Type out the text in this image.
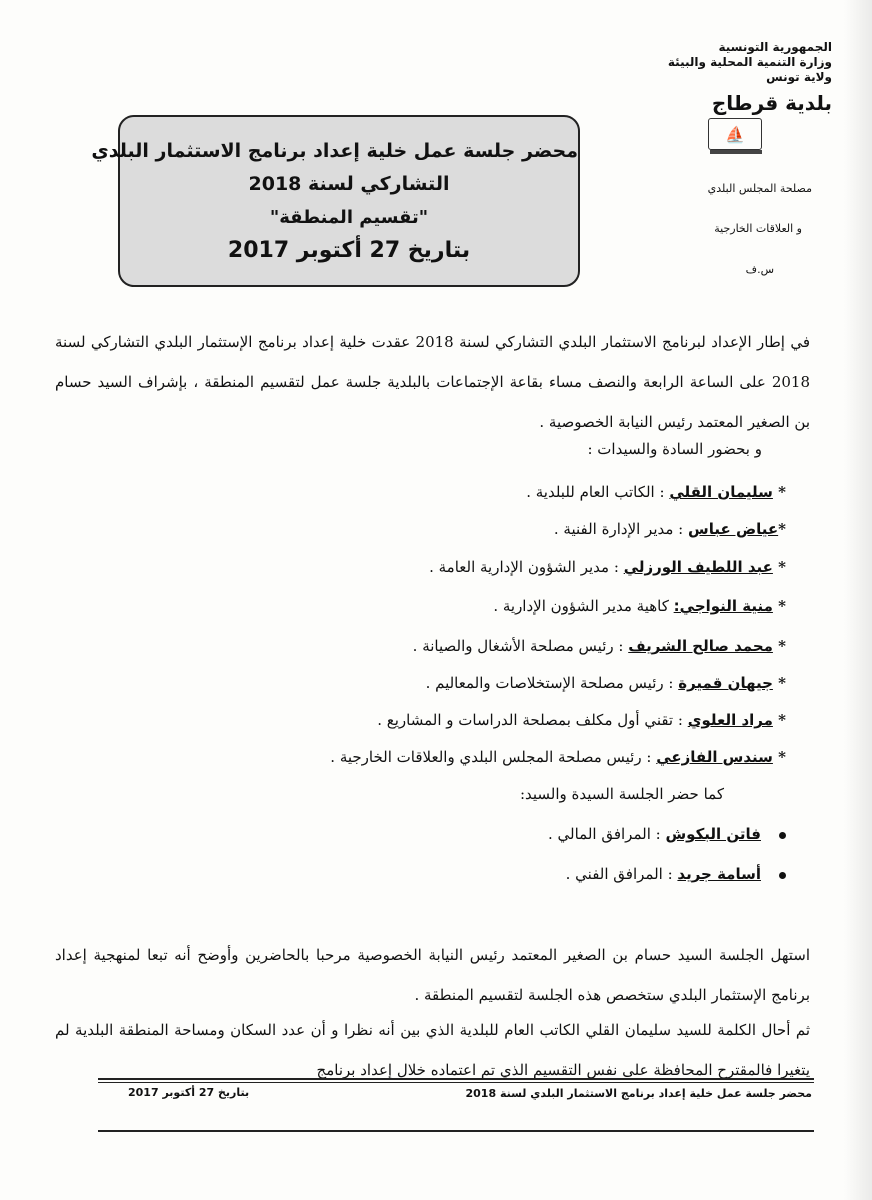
الجمهورية التونسية
وزارة التنمية المحلية والبيئة
ولاية تونس
بلدية قرطاج
⛵
مصلحة المجلس البلدي
و العلاقات الخارجية
س.ف
محضر جلسة عمل خلية إعداد برنامج الاستثمار البلدي
التشاركي لسنة 2018
"تقسيم المنطقة"
بتاريخ 27 أكتوبر 2017
في إطار الإعداد لبرنامج الاستثمار البلدي التشاركي لسنة 2018 عقدت خلية إعداد برنامج الإستثمار البلدي التشاركي لسنة 2018 على الساعة الرابعة والنصف مساء بقاعة الإجتماعات بالبلدية جلسة عمل لتقسيم المنطقة ، بإشراف السيد حسام بن الصغير المعتمد رئيس النيابة الخصوصية .
و بحضور السادة والسيدات :
* سليمان القلي : الكاتب العام للبلدية .
*عياض عباس : مدير الإدارة الفنية .
* عبد اللطيف الورزلي : مدير الشؤون الإدارية العامة .
* منية النواجي: كاهية مدير الشؤون الإدارية .
* محمد صالح الشريف : رئيس مصلحة الأشغال والصيانة .
* جيهان قميرة : رئيس مصلحة الإستخلاصات والمعاليم .
* مراد العلوي : تقني أول مكلف بمصلحة الدراسات و المشاريع .
* سندس الفازعي : رئيس مصلحة المجلس البلدي والعلاقات الخارجية .
كما حضر الجلسة السيدة والسيد:
فاتن البكوش : المرافق المالي .
أسامة جريد : المرافق الفني .
استهل الجلسة السيد حسام بن الصغير المعتمد رئيس النيابة الخصوصية مرحبا بالحاضرين وأوضح أنه تبعا لمنهجية إعداد برنامج الإستثمار البلدي ستخصص هذه الجلسة لتقسيم المنطقة .
ثم أحال الكلمة للسيد سليمان القلي الكاتب العام للبلدية الذي بين أنه نظرا و أن عدد السكان ومساحة المنطقة البلدية لم يتغيرا فالمقترح المحافظة على نفس التقسيم الذي تم اعتماده خلال إعداد برنامج
محضر جلسة عمل خلية إعداد برنامج الاستثمار البلدي لسنة 2018
بتاريخ 27 أكتوبر 2017
